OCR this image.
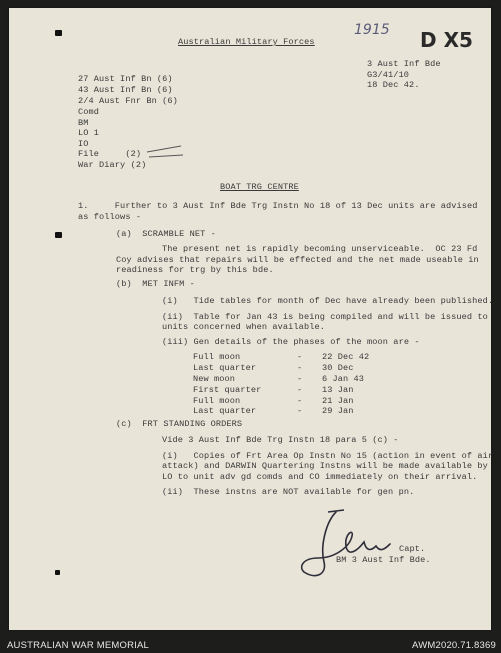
Australian Military Forces
1915 D X5
3 Aust Inf Bde
G3/41/10
18 Dec 42.
27 Aust Inf Bn (6)
43 Aust Inf Bn (6)
2/4 Aust Fnr Bn (6)
Comd
BM
LO 1
IO
File     (2)
War Diary (2)
BOAT TRG CENTRE
1.     Further to 3 Aust Inf Bde Trg Instn No 18 of 13 Dec units are advised
as follows -
(a)  SCRAMBLE NET -
The present net is rapidly becoming unserviceable.  OC 23 Fd
Coy advises that repairs will be effected and the net made useable in
readiness for trg by this bde.
(b)  MET INFM -
(i)   Tide tables for month of Dec have already been published.
(ii)  Table for Jan 43 is being compiled and will be issued to
units concerned when available.
(iii) Gen details of the phases of the moon are -
Full moon	- 22 Dec 42
Last quarter	- 30 Dec
New moon	- 6 Jan 43
First quarter	- 13 Jan
Full moon	- 21 Jan
Last quarter	- 29 Jan
(c)  FRT STANDING ORDERS
Vide 3 Aust Inf Bde Trg Instn 18 para 5 (c) -
(i)   Copies of Frt Area Op Instn No 15 (action in event of air
attack) and DARWIN Quartering Instns will be made available by
LO to unit adv gd comds and CO immediately on their arrival.
(ii)  These instns are NOT available for gen pn.
Capt.
BM 3 Aust Inf Bde.
AUSTRALIAN WAR MEMORIAL	AWM2020.71.8369
